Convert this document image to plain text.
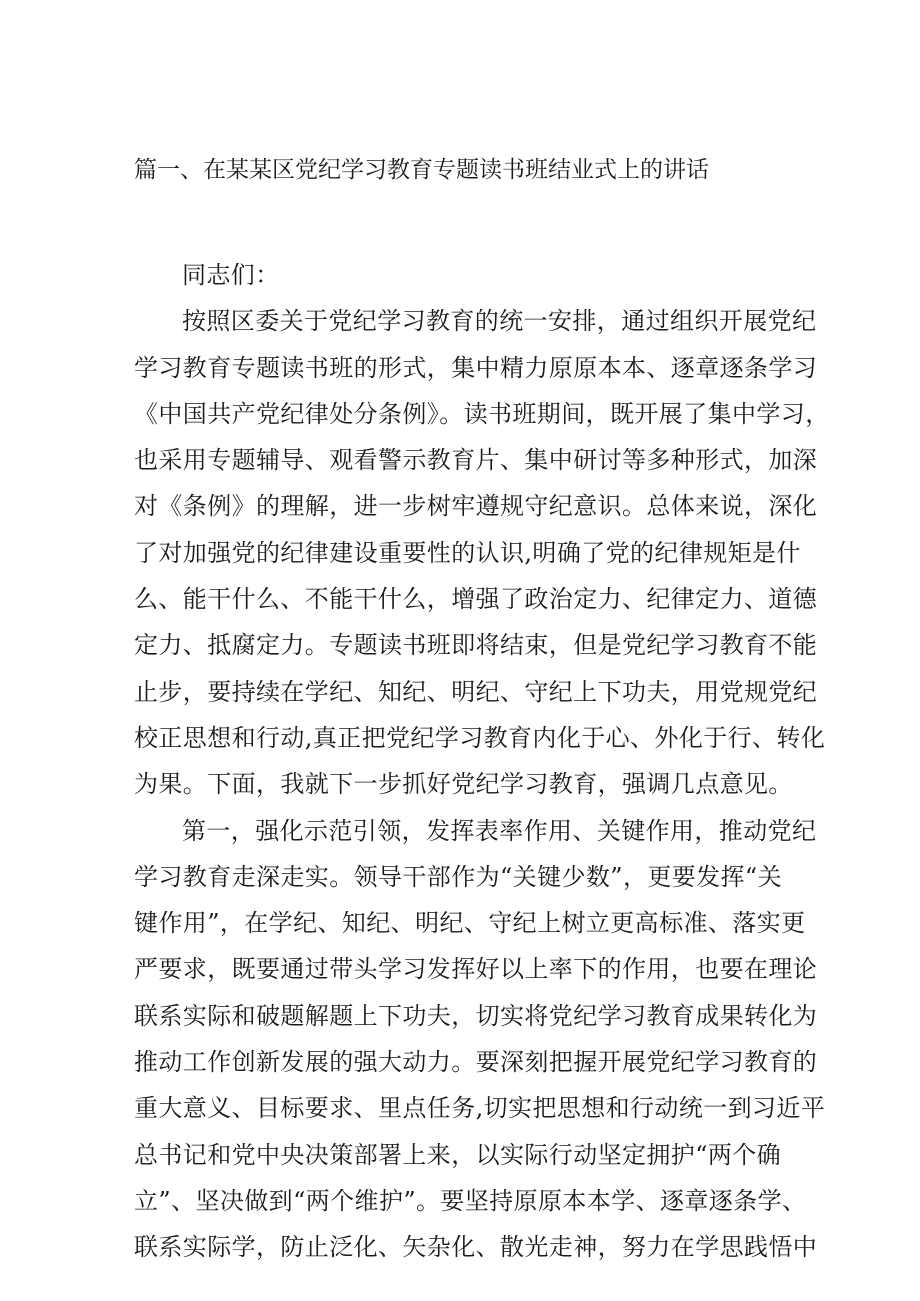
篇一、在某某区党纪学习教育专题读书班结业式上的讲话
同志们：
按照区委关于党纪学习教育的统一安排，通过组织开展党纪
学习教育专题读书班的形式，集中精力原原本本、逐章逐条学习
《中国共产党纪律处分条例》。读书班期间，既开展了集中学习，
也采用专题辅导、观看警示教育片、集中研讨等多种形式，加深
对《条例》的理解，进一步树牢遵规守纪意识。总体来说，深化
了对加强党的纪律建设重要性的认识,明确了党的纪律规矩是什
么、能干什么、不能干什么，增强了政治定力、纪律定力、道德
定力、抵腐定力。专题读书班即将结束，但是党纪学习教育不能
止步，要持续在学纪、知纪、明纪、守纪上下功夫，用党规党纪
校正思想和行动,真正把党纪学习教育内化于心、外化于行、转化
为果。下面，我就下一步抓好党纪学习教育，强调几点意见。
第一，强化示范引领，发挥表率作用、关键作用，推动党纪
学习教育走深走实。领导干部作为“关键少数”，更要发挥“关
键作用”，在学纪、知纪、明纪、守纪上树立更高标准、落实更
严要求，既要通过带头学习发挥好以上率下的作用，也要在理论
联系实际和破题解题上下功夫，切实将党纪学习教育成果转化为
推动工作创新发展的强大动力。要深刻把握开展党纪学习教育的
重大意义、目标要求、里点任务,切实把思想和行动统一到习近平
总书记和党中央决策部署上来，以实际行动坚定拥护“两个确
立”、坚决做到“两个维护”。要坚持原原本本学、逐章逐条学、
联系实际学，防止泛化、矢杂化、散光走神，努力在学思践悟中
